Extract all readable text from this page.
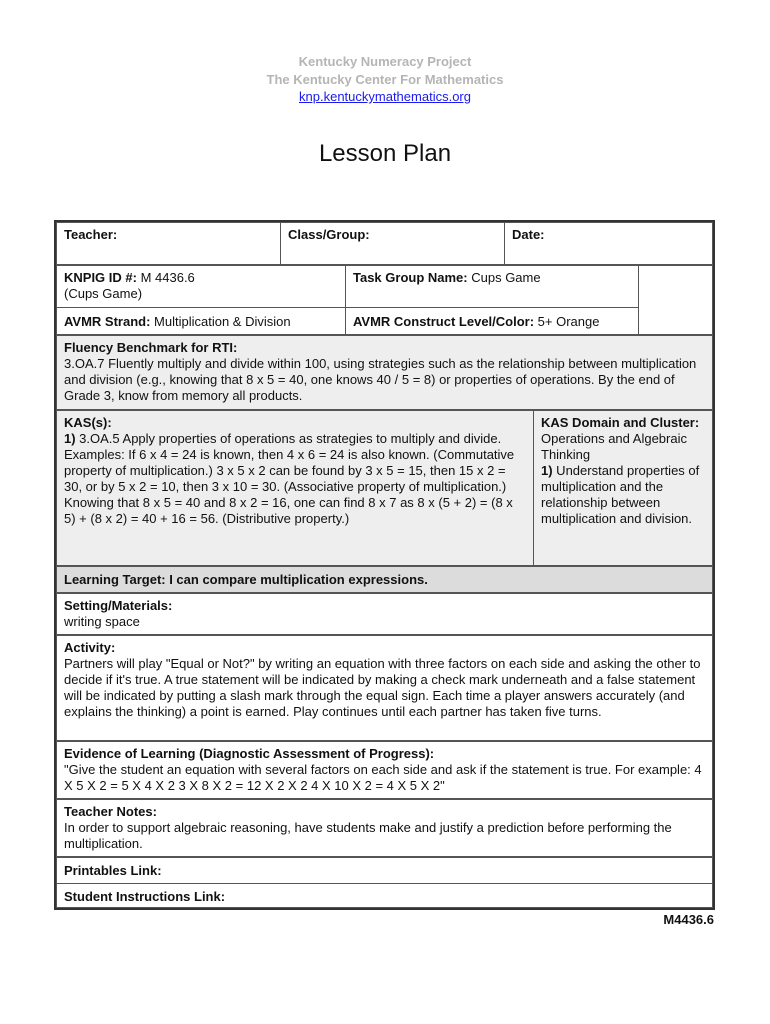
Kentucky Numeracy Project
The Kentucky Center For Mathematics
knp.kentuckymathematics.org
Lesson Plan
Teacher:	Class/Group:	Date:
KNPIG ID #: M 4436.6
(Cups Game)
Task Group Name: Cups Game
AVMR Strand: Multiplication & Division	AVMR Construct Level/Color: 5+ Orange
Fluency Benchmark for RTI:
3.OA.7 Fluently multiply and divide within 100, using strategies such as the relationship between multiplication and division (e.g., knowing that 8 x 5 = 40, one knows 40 / 5 = 8) or properties of operations. By the end of Grade 3, know from memory all products.
KAS(s):
1) 3.OA.5 Apply properties of operations as strategies to multiply and divide. Examples: If 6 x 4 = 24 is known, then 4 x 6 = 24 is also known. (Commutative property of multiplication.) 3 x 5 x 2 can be found by 3 x 5 = 15, then 15 x 2 = 30, or by 5 x 2 = 10, then 3 x 10 = 30. (Associative property of multiplication.) Knowing that 8 x 5 = 40 and 8 x 2 = 16, one can find 8 x 7 as 8 x (5 + 2) = (8 x 5) + (8 x 2) = 40 + 16 = 56. (Distributive property.)
KAS Domain and Cluster:
Operations and Algebraic Thinking
1) Understand properties of multiplication and the relationship between multiplication and division.
Learning Target: I can compare multiplication expressions.
Setting/Materials:
writing space
Activity:
Partners will play "Equal or Not?" by writing an equation with three factors on each side and asking the other to decide if it's true. A true statement will be indicated by making a check mark underneath and a false statement will be indicated by putting a slash mark through the equal sign. Each time a player answers accurately (and explains the thinking) a point is earned. Play continues until each partner has taken five turns.
Evidence of Learning (Diagnostic Assessment of Progress):
"Give the student an equation with several factors on each side and ask if the statement is true. For example: 4 X 5 X 2 = 5 X 4 X 2 3 X 8 X 2 = 12 X 2 X 2 4 X 10 X 2 = 4 X 5 X 2"
Teacher Notes:
In order to support algebraic reasoning, have students make and justify a prediction before performing the multiplication.
Printables Link:
Student Instructions Link:
M4436.6
